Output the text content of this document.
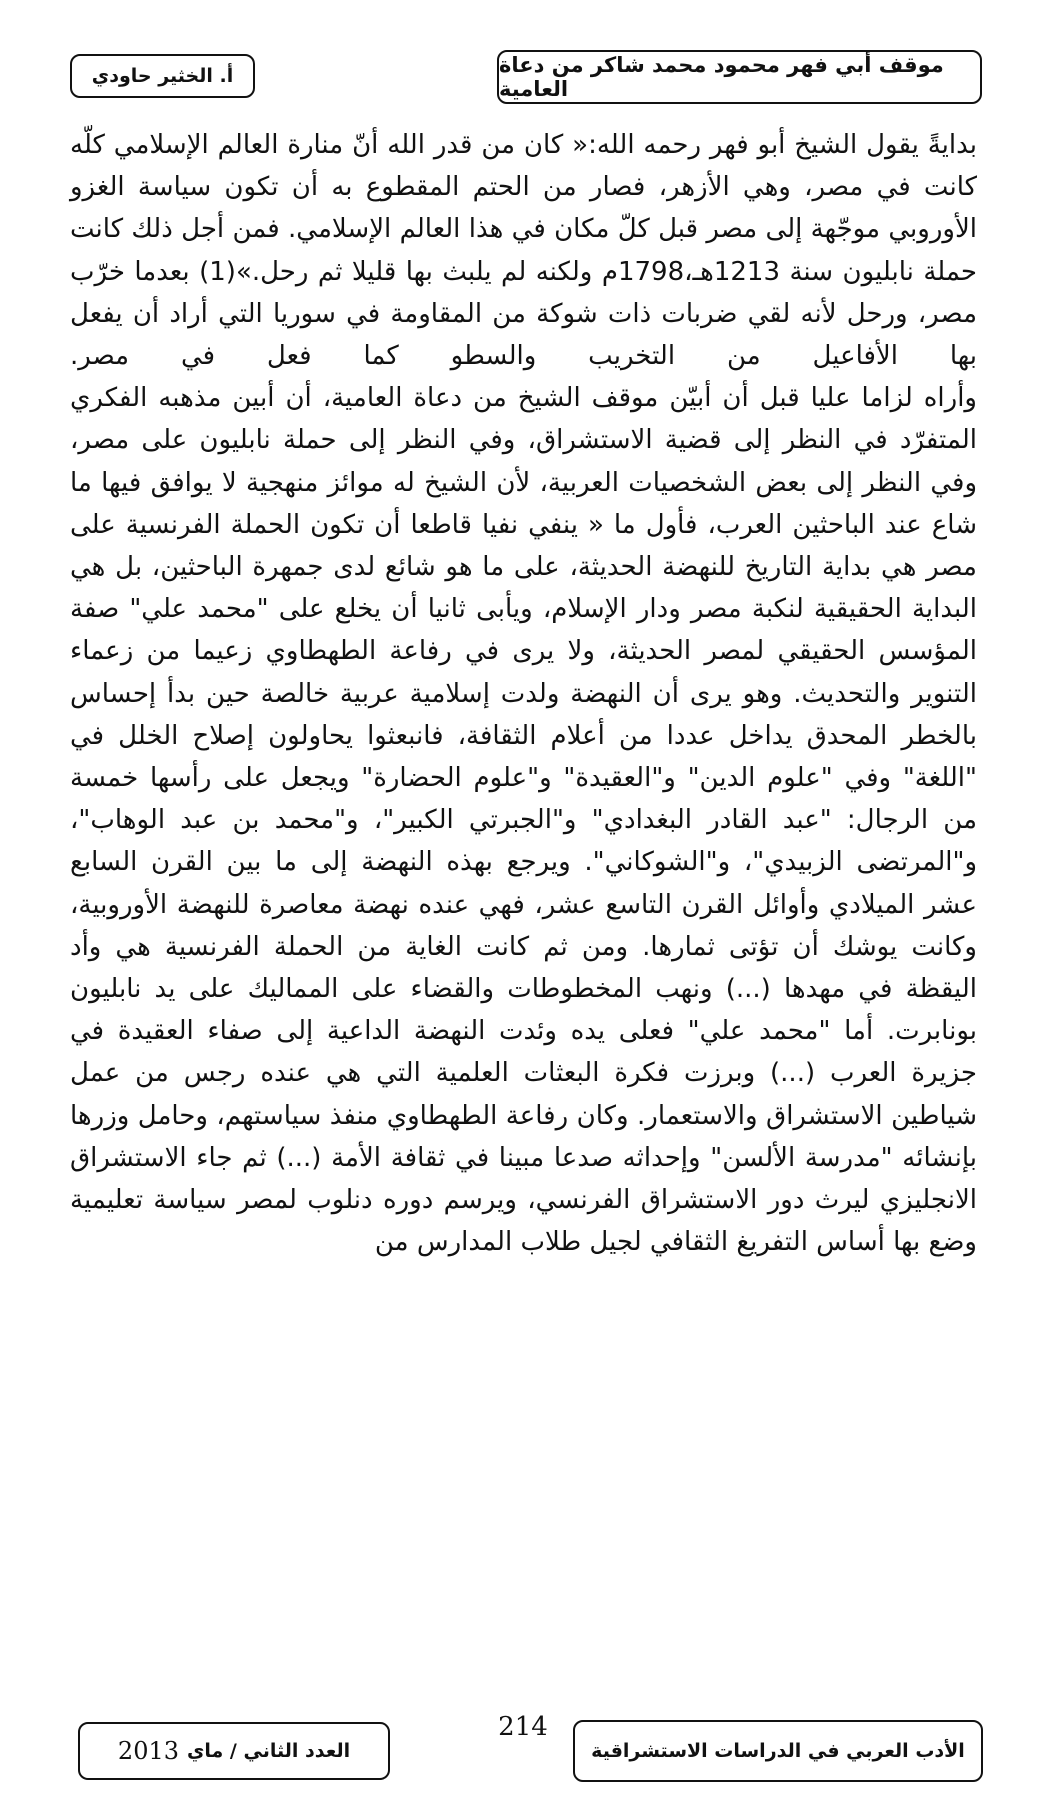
موقف أبي فهر محمود محمد شاكر من دعاة العامية
أ. الخثير حاودي

بدايةً يقول الشيخ أبو فهر رحمه الله:« كان من قدر الله أنّ منارة العالم الإسلامي كلّه كانت في مصر، وهي الأزهر، فصار من الحتم المقطوع به أن تكون سياسة الغزو الأوروبي موجّهة إلى مصر قبل كلّ مكان في هذا العالم الإسلامي. فمن أجل ذلك كانت حملة نابليون سنة 1213هـ،1798م ولكنه لم يلبث بها قليلا ثم رحل.»(1) بعدما خرّب مصر، ورحل لأنه لقي ضربات ذات شوكة من المقاومة في سوريا التي أراد أن يفعل بها الأفاعيل من التخريب والسطو كما فعل في مصر.

وأراه لزاما عليا قبل أن أبيّن موقف الشيخ من دعاة العامية، أن أبين مذهبه الفكري المتفرّد في النظر إلى قضية الاستشراق، وفي النظر إلى حملة نابليون على مصر، وفي النظر إلى بعض الشخصيات العربية، لأن الشيخ له موائز منهجية لا يوافق فيها ما شاع عند الباحثين العرب، فأول ما « ينفي نفيا قاطعا أن تكون الحملة الفرنسية على مصر هي بداية التاريخ للنهضة الحديثة، على ما هو شائع لدى جمهرة الباحثين، بل هي البداية الحقيقية لنكبة مصر ودار الإسلام، ويأبى ثانيا أن يخلع على "محمد علي" صفة المؤسس الحقيقي لمصر الحديثة، ولا يرى في رفاعة الطهطاوي زعيما من زعماء التنوير والتحديث. وهو يرى أن النهضة ولدت إسلامية عربية خالصة حين بدأ إحساس بالخطر المحدق يداخل عددا من أعلام الثقافة، فانبعثوا يحاولون إصلاح الخلل في "اللغة" وفي "علوم الدين" و"العقيدة" و"علوم الحضارة" ويجعل على رأسها خمسة من الرجال: "عبد القادر البغدادي" و"الجبرتي الكبير"، و"محمد بن عبد الوهاب"، و"المرتضى الزبيدي"، و"الشوكاني". ويرجع بهذه النهضة إلى ما بين القرن السابع عشر الميلادي وأوائل القرن التاسع عشر، فهي عنده نهضة معاصرة للنهضة الأوروبية، وكانت يوشك أن تؤتى ثمارها. ومن ثم كانت الغاية من الحملة الفرنسية هي وأد اليقظة في مهدها (...) ونهب المخطوطات والقضاء على المماليك على يد نابليون بونابرت. أما "محمد علي" فعلى يده وئدت النهضة الداعية إلى صفاء العقيدة في جزيرة العرب (...) وبرزت فكرة البعثات العلمية التي هي عنده رجس من عمل شياطين الاستشراق والاستعمار. وكان رفاعة الطهطاوي منفذ سياستهم، وحامل وزرها بإنشائه "مدرسة الألسن" وإحداثه صدعا مبينا في ثقافة الأمة (...) ثم جاء الاستشراق الانجليزي ليرث دور الاستشراق الفرنسي، ويرسم دوره دنلوب لمصر سياسة تعليمية وضع بها أساس التفريغ الثقافي لجيل طلاب المدارس من

214
الأدب العربي في الدراسات الاستشراقية
العدد الثاني / ماي
2013
